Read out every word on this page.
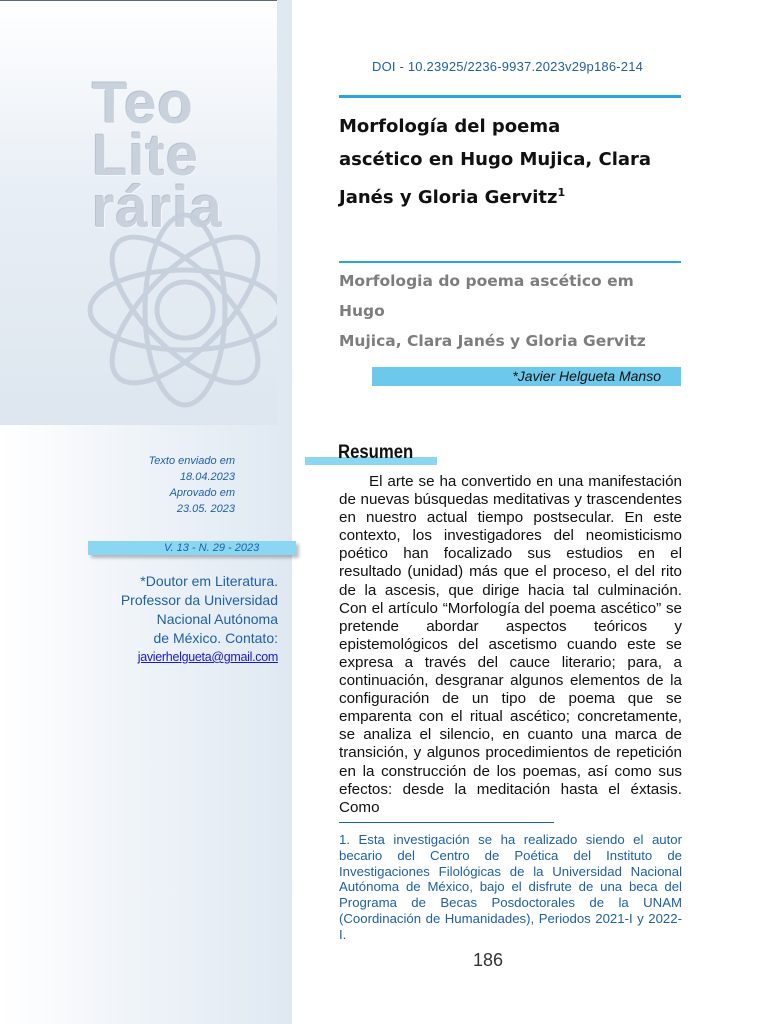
Teo
Lite
rária
DOI - 10.23925/2236-9937.2023v29p186-214
Morfología del poema
ascético en Hugo Mujica, Clara
Janés y Gloria Gervitz$^1$
Morfologia do poema ascético em Hugo
Mujica, Clara Janés y Gloria Gervitz
*Javier Helgueta Manso
Texto enviado em
18.04.2023
Aprovado em
23.05. 2023
V. 13 - N. 29 - 2023
*Doutor em Literatura.
Professor da Universidad
Nacional Autónoma
de México. Contato:
javierhelgueta@gmail.com
Resumen
El arte se ha convertido en una manifestación de nuevas búsquedas meditativas y trascendentes en nuestro actual tiempo postsecular. En este contexto, los investigadores del neomisticismo poético han focalizado sus estudios en el resultado (unidad) más que el proceso, el del rito de la ascesis, que dirige hacia tal culminación. Con el artículo “Morfología del poema ascético” se pretende abordar aspectos teóricos y epistemológicos del ascetismo cuando este se expresa a través del cauce literario; para, a continuación, desgranar algunos elementos de la configuración de un tipo de poema que se emparenta con el ritual ascético; concretamente, se analiza el silencio, en cuanto una marca de transición, y algunos procedimientos de repetición en la construcción de los poemas, así como sus efectos: desde la meditación hasta el éxtasis. Como
1. Esta investigación se ha realizado siendo el autor becario del Centro de Poética del Instituto de Investigaciones Filológicas de la Universidad Nacional Autónoma de México, bajo el disfrute de una beca del Programa de Becas Posdoctorales de la UNAM (Coordinación de Humanidades), Periodos 2021-I y 2022-I.
186
